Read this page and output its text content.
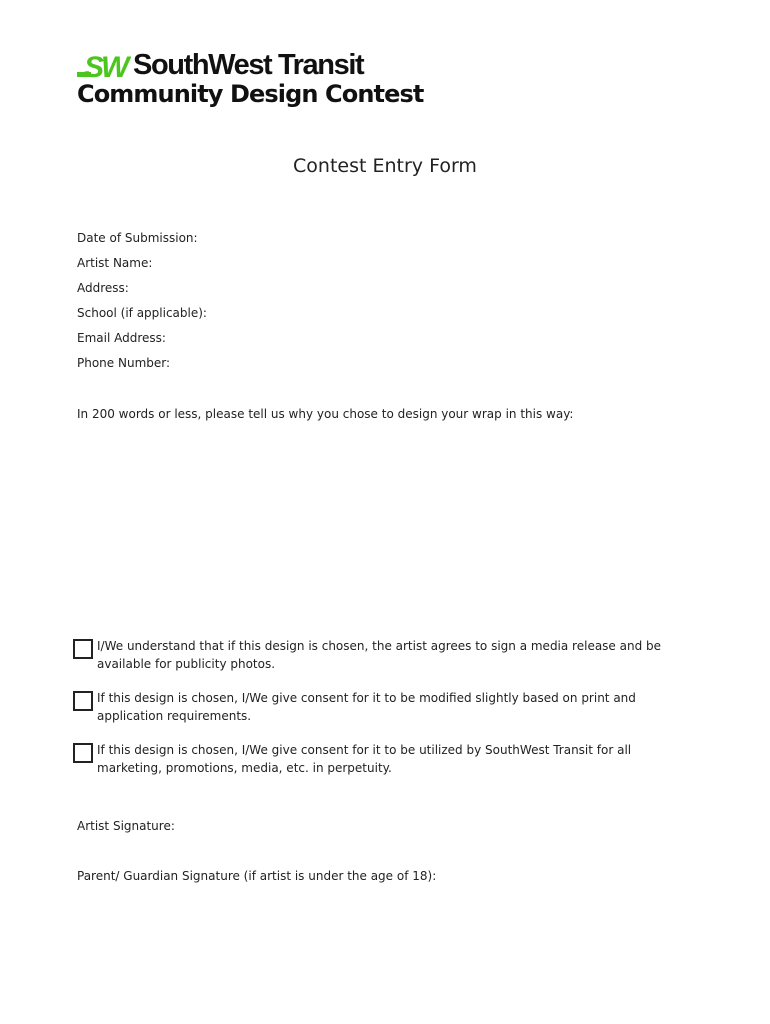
SW SouthWest Transit
Community Design Contest
Contest Entry Form
Date of Submission:
Artist Name:
Address:
School (if applicable):
Email Address:
Phone Number:
In 200 words or less, please tell us why you chose to design your wrap in this way:
I/We understand that if this design is chosen, the artist agrees to sign a media release and be available for publicity photos.
If this design is chosen, I/We give consent for it to be modified slightly based on print and application requirements.
If this design is chosen, I/We give consent for it to be utilized by SouthWest Transit for all marketing, promotions, media, etc. in perpetuity.
Artist Signature:
Parent/ Guardian Signature (if artist is under the age of 18):
